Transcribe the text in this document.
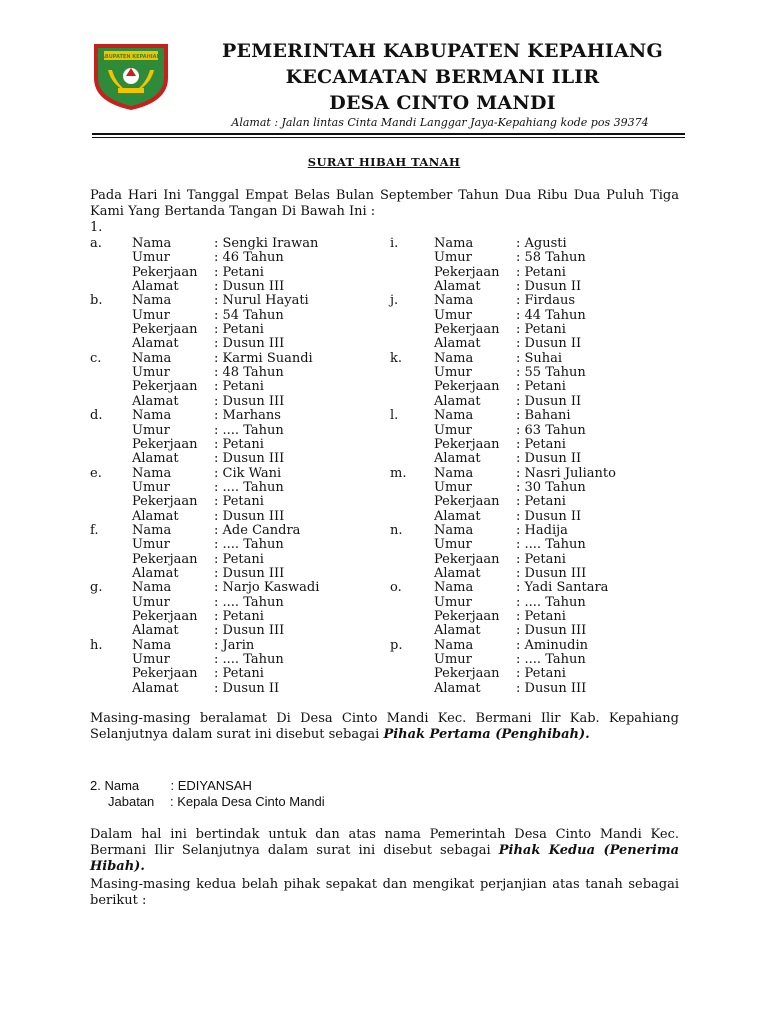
KABUPATEN KEPAHIANG	PEMERINTAH KABUPATEN KEPAHIANG
KECAMATAN BERMANI ILIR
DESA CINTO MANDI
Alamat : Jalan lintas Cinta Mandi Langgar Jaya-Kepahiang kode pos 39374
SURAT HIBAH TANAH
Pada Hari Ini Tanggal Empat Belas Bulan September Tahun Dua Ribu Dua Puluh Tiga Kami Yang Bertanda Tangan Di Bawah Ini :
1.
a. Nama	: Sengki Irawan
Umur	: 46 Tahun
Pekerjaan : Petani
Alamat	: Dusun III
b. Nama	: Nurul Hayati
Umur	: 54 Tahun
Pekerjaan : Petani
Alamat	: Dusun III
c. Nama	: Karmi Suandi
Umur	: 48 Tahun
Pekerjaan : Petani
Alamat	: Dusun III
d. Nama	: Marhans
Umur	: .... Tahun
Pekerjaan : Petani
Alamat	: Dusun III
e. Nama	: Cik Wani
Umur	: .... Tahun
Pekerjaan : Petani
Alamat	: Dusun III
f.	Nama	: Ade Candra
Umur	: .... Tahun
Pekerjaan : Petani
Alamat	: Dusun III
g. Nama	: Narjo Kaswadi
Umur	: .... Tahun
Pekerjaan : Petani
Alamat	: Dusun III
h. Nama	: Jarin
Umur	: .... Tahun
Pekerjaan : Petani
Alamat	: Dusun II
i.	Nama	: Agusti
Umur	: 58 Tahun
Pekerjaan : Petani
Alamat	: Dusun II
j.	Nama	: Firdaus
Umur	: 44 Tahun
Pekerjaan : Petani
Alamat	: Dusun II
k. Nama	: Suhai
Umur	: 55 Tahun
Pekerjaan : Petani
Alamat	: Dusun II
l.	Nama	: Bahani
Umur	: 63 Tahun
Pekerjaan : Petani
Alamat	: Dusun II
m. Nama	: Nasri Julianto
Umur	: 30 Tahun
Pekerjaan : Petani
Alamat	: Dusun II
n. Nama	: Hadija
Umur	: .... Tahun
Pekerjaan : Petani
Alamat	: Dusun III
o. Nama	: Yadi Santara
Umur	: .... Tahun
Pekerjaan : Petani
Alamat	: Dusun III
p. Nama	: Aminudin
Umur	: .... Tahun
Pekerjaan : Petani
Alamat	: Dusun III
Masing-masing beralamat Di Desa Cinto Mandi Kec. Bermani Ilir Kab. Kepahiang Selanjutnya dalam surat ini disebut sebagai Pihak Pertama (Penghibah).
2. Nama : EDIYANSAH
Jabatan : Kepala Desa Cinto Mandi
Dalam hal ini bertindak untuk dan atas nama Pemerintah Desa Cinto Mandi Kec. Bermani Ilir Selanjutnya dalam surat ini disebut sebagai Pihak Kedua (Penerima Hibah).
Masing-masing kedua belah pihak sepakat dan mengikat perjanjian atas tanah sebagai berikut :
